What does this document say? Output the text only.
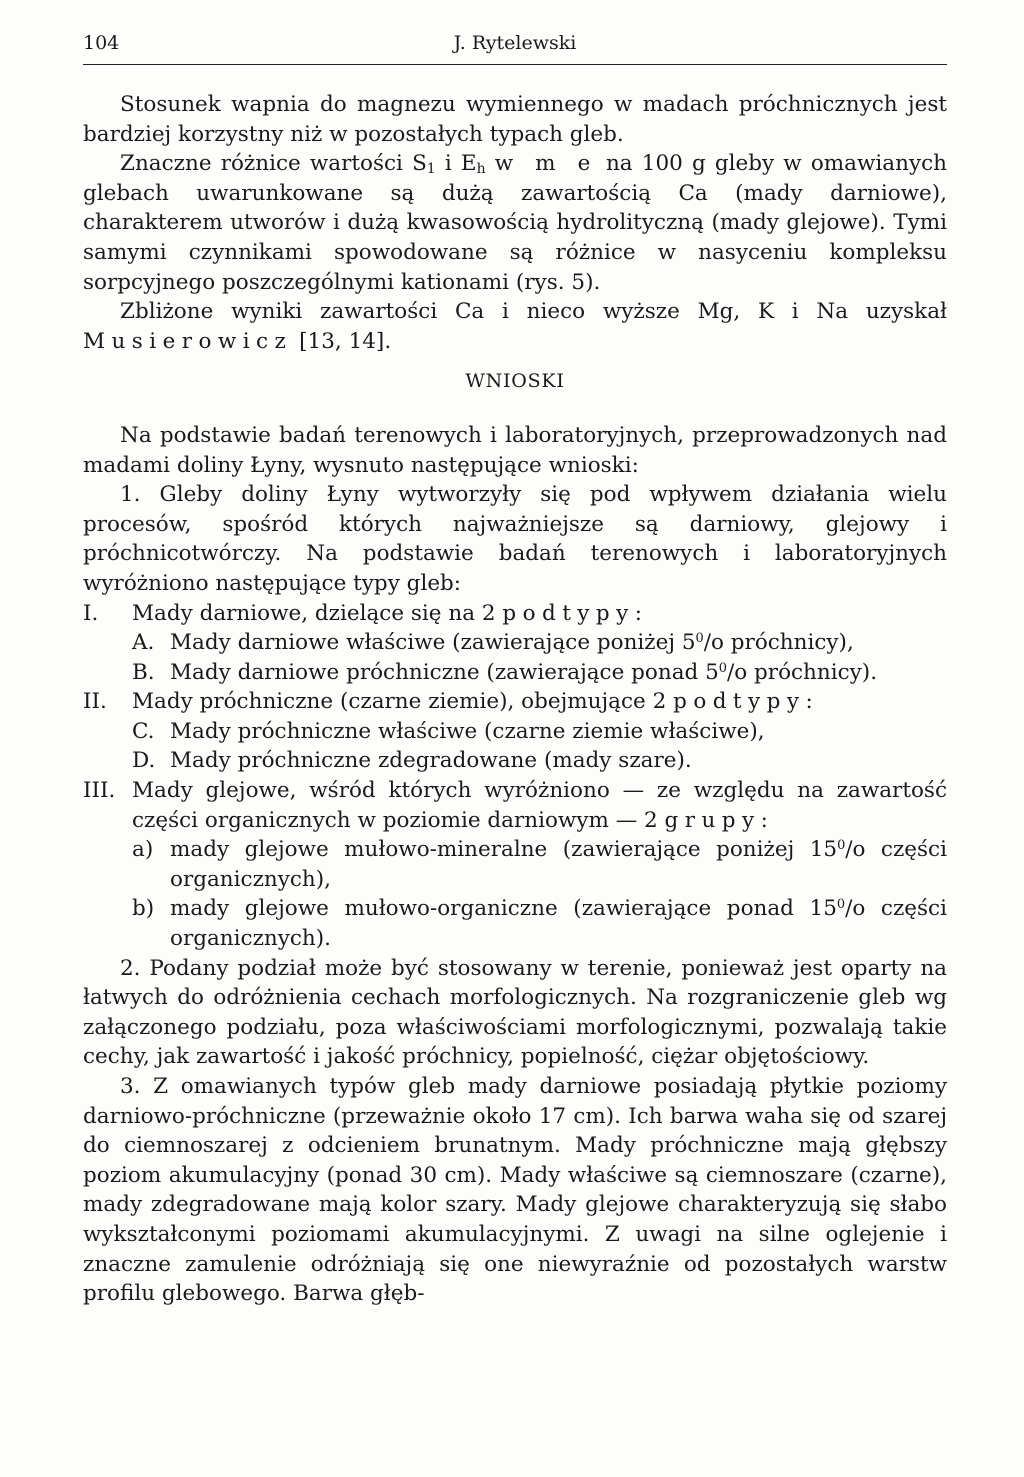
104	J. Rytelewski

Stosunek wapnia do magnezu wymiennego w madach próchnicznych jest bardziej korzystny niż w pozostałych typach gleb.

Znaczne różnice wartości $S_1$ i $E_h$ w m e na 100 g gleby w omawianych glebach uwarunkowane są dużą zawartością Ca (mady darniowe), charakterem utworów i dużą kwasowością hydrolityczną (mady glejowe). Tymi samymi czynnikami spowodowane są różnice w nasyceniu kompleksu sorpcyjnego poszczególnymi kationami (rys. 5).

Zbliżone wyniki zawartości Ca i nieco wyższe Mg, K i Na uzyskał Musierowicz [13, 14].

WNIOSKI

Na podstawie badań terenowych i laboratoryjnych, przeprowadzonych nad madami doliny Łyny, wysnuto następujące wnioski:

1. Gleby doliny Łyny wytworzyły się pod wpływem działania wielu procesów, spośród których najważniejsze są darniowy, glejowy i próchnicotwórczy. Na podstawie badań terenowych i laboratoryjnych wyróżniono następujące typy gleb:

I.	Mady darniowe, dzielące się na 2 podtypy:
A. Mady darniowe właściwe (zawierające poniżej $5^0/o$ próchnicy),
B. Mady darniowe próchniczne (zawierające ponad $5^0/o$ próchnicy).
II.	Mady próchniczne (czarne ziemie), obejmujące 2 podtypy:
C. Mady próchniczne właściwe (czarne ziemie właściwe),
D. Mady próchniczne zdegradowane (mady szare).
III. Mady glejowe, wśród których wyróżniono — ze względu na zawartość części organicznych w poziomie darniowym — 2 grupy:
a) mady glejowe mułowo-mineralne (zawierające poniżej $15^0/o$ części organicznych),
b) mady glejowe mułowo-organiczne (zawierające ponad $15^0/o$ części organicznych).

2. Podany podział może być stosowany w terenie, ponieważ jest oparty na łatwych do odróżnienia cechach morfologicznych. Na rozgraniczenie gleb wg załączonego podziału, poza właściwościami morfologicznymi, pozwalają takie cechy, jak zawartość i jakość próchnicy, popielność, ciężar objętościowy.

3. Z omawianych typów gleb mady darniowe posiadają płytkie poziomy darniowo-próchniczne (przeważnie około 17 cm). Ich barwa waha się od szarej do ciemnoszarej z odcieniem brunatnym. Mady próchniczne mają głębszy poziom akumulacyjny (ponad 30 cm). Mady właściwe są ciemnoszare (czarne), mady zdegradowane mają kolor szary. Mady glejowe charakteryzują się słabo wykształconymi poziomami akumulacyjnymi. Z uwagi na silne oglejenie i znaczne zamulenie odróżniają się one niewyraźnie od pozostałych warstw profilu glebowego. Barwa głęb-
